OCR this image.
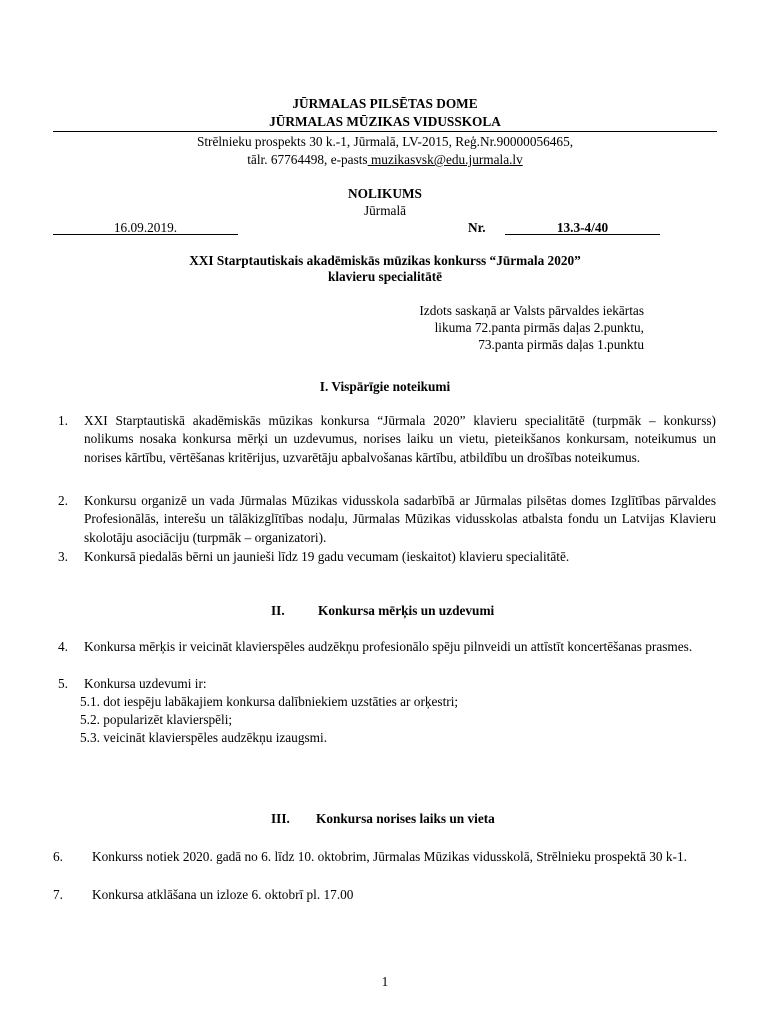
JŪRMALAS PILSĒTAS DOME
JŪRMALAS MŪZIKAS VIDUSSKOLA
Strēlnieku prospekts 30 k.-1, Jūrmalā, LV-2015, Reģ.Nr.90000056465,
tālr. 67764498, e-pasts muzikasvsk@edu.jurmala.lv
NOLIKUMS
Jūrmalā
16.09.2019.	Nr.	13.3-4/40
XXI Starptautiskais akadēmiskās mūzikas konkurss “Jūrmala 2020”
klavieru specialitātē
Izdots saskaņā ar Valsts pārvaldes iekārtas
likuma 72.panta pirmās daļas 2.punktu,
73.panta pirmās daļas 1.punktu
I. Vispārīgie noteikumi
1. XXI Starptautiskā akadēmiskās mūzikas konkursa “Jūrmala 2020” klavieru specialitātē (turpmāk – konkurss) nolikums nosaka konkursa mērķi un uzdevumus, norises laiku un vietu, pieteikšanos konkursam, noteikumus un norises kārtību, vērtēšanas kritērijus, uzvarētāju apbalvošanas kārtību, atbildību un drošības noteikumus.
2. Konkursu organizē un vada Jūrmalas Mūzikas vidusskola sadarbībā ar Jūrmalas pilsētas domes Izglītības pārvaldes Profesionālās, interešu un tālākizglītības nodaļu, Jūrmalas Mūzikas vidusskolas atbalsta fondu un Latvijas Klavieru skolotāju asociāciju (turpmāk – organizatori).
3. Konkursā piedalās bērni un jaunieši līdz 19 gadu vecumam (ieskaitot) klavieru specialitātē.
II.	Konkursa mērķis un uzdevumi
4. Konkursa mērķis ir veicināt klavierspēles audzēkņu profesionālo spēju pilnveidi un attīstīt koncertēšanas prasmes.
5. Konkursa uzdevumi ir:
5.1. dot iespēju labākajiem konkursa dalībniekiem uzstāties ar orķestri;
5.2. popularizēt klavierspēli;
5.3. veicināt klavierspēles audzēkņu izaugsmi.
III. Konkursa norises laiks un vieta
6. Konkurss notiek 2020. gadā no 6. līdz 10. oktobrim, Jūrmalas Mūzikas vidusskolā, Strēlnieku prospektā 30 k-1.
7. Konkursa atklāšana un izloze 6. oktobrī pl. 17.00
1
